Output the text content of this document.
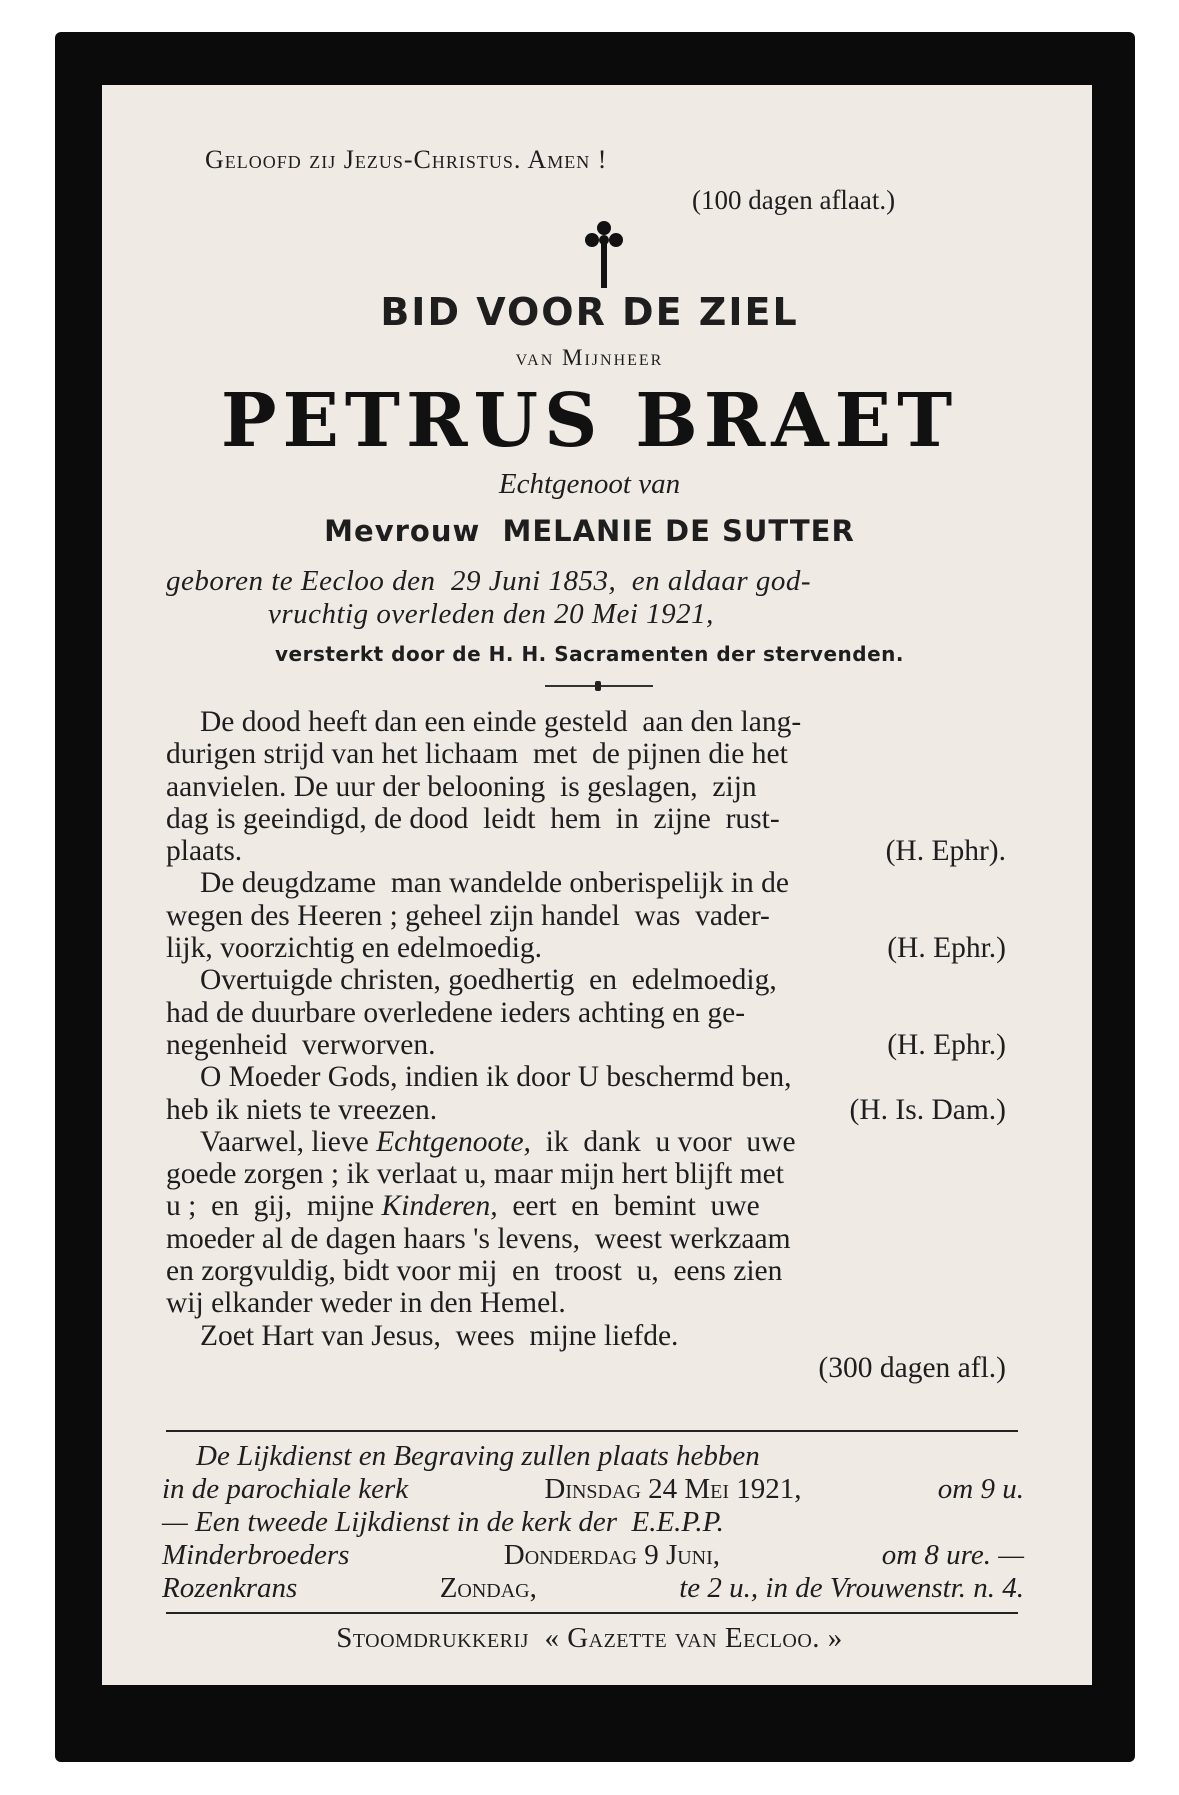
Geloofd zij Jezus-Christus. Amen !
(100 dagen aflaat.)
BID VOOR DE ZIEL
van Mijnheer
PETRUS BRAET
Echtgenoot van
Mevrouw  MELANIE DE SUTTER
geboren te Eecloo den  29 Juni 1853,  en aldaar god-
vruchtig overleden den 20 Mei 1921,
versterkt door de H. H. Sacramenten der stervenden.
De dood heeft dan een einde gesteld  aan den lang-
durigen strijd van het lichaam  met  de pijnen die het
aanvielen. De uur der belooning  is geslagen,  zijn
dag is geeindigd, de dood  leidt  hem  in  zijne  rust-
plaats.	(H. Ephr).
De deugdzame  man wandelde onberispelijk in de
wegen des Heeren ; geheel zijn handel  was  vader-
lijk, voorzichtig en edelmoedig.	(H. Ephr.)
Overtuigde christen, goedhertig  en  edelmoedig,
had de duurbare overledene ieders achting en ge-
negenheid  verworven.	(H. Ephr.)
O Moeder Gods, indien ik door U beschermd ben,
heb ik niets te vreezen.	(H. Is. Dam.)
Vaarwel, lieve Echtgenoote, ik  dank  u voor  uwe
goede zorgen ; ik verlaat u, maar mijn hert blijft met
u ;  en  gij,  mijne Kinderen, eert  en  bemint  uwe
moeder al de dagen haars 's levens,  weest werkzaam
en zorgvuldig, bidt voor mij  en  troost  u,  eens zien
wij elkander weder in den Hemel.
Zoet Hart van Jesus,  wees  mijne liefde.
(300 dagen afl.)
De Lijkdienst en Begraving zullen plaats hebben
in de parochiale kerk	Dinsdag 24 Mei 1921,	om 9 u.
— Een tweede Lijkdienst in de kerk der  E.E.P.P.
Minderbroeders	Donderdag 9 Juni,	om 8 ure. —
Rozenkrans	Zondag,	te 2 u., in de Vrouwenstr. n. 4.
Stoomdrukkerij  « Gazette van Eecloo. »
